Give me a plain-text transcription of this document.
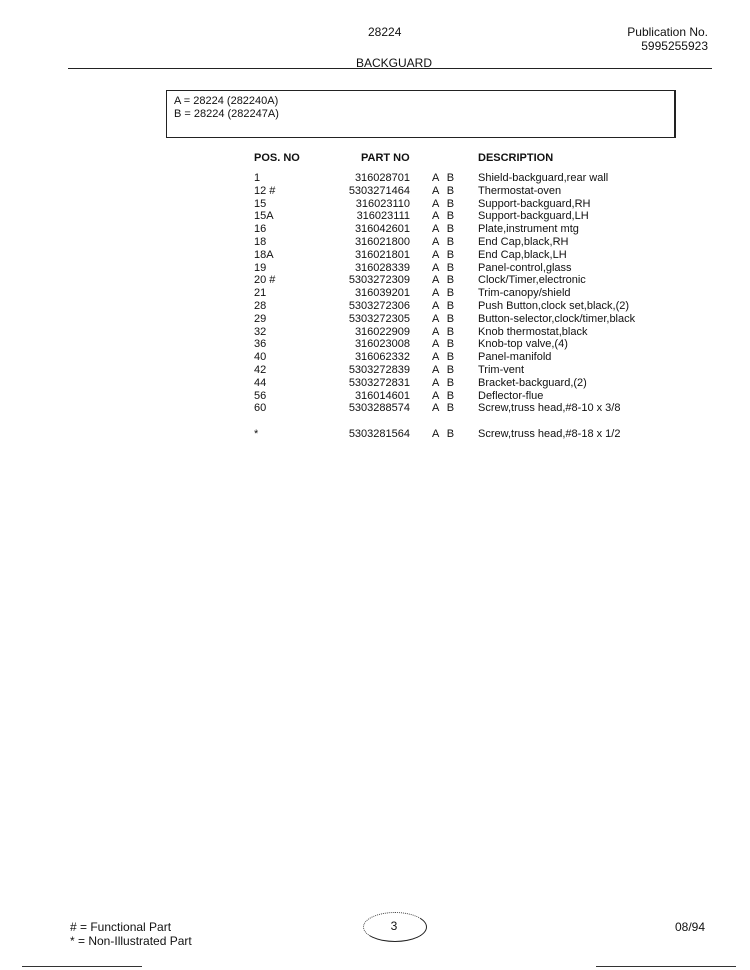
28224	Publication No.
5995255923
BACKGUARD
A = 28224 (282240A)
B = 28224 (282247A)
POS. NO	PART NO	DESCRIPTION
1	316028701 A B Shield-backguard,rear wall
12 #	5303271464 A B Thermostat-oven
15	316023110 A B Support-backguard,RH
15A	316023111 A B Support-backguard,LH
16	316042601 A B Plate,instrument mtg
18	316021800 A B End Cap,black,RH
18A	316021801 A B End Cap,black,LH
19	316028339 A B Panel-control,glass
20 #	5303272309 A B Clock/Timer,electronic
21	316039201 A B Trim-canopy/shield
28	5303272306 A B Push Button,clock set,black,(2)
29	5303272305 A B Button-selector,clock/timer,black
32	316022909 A B Knob thermostat,black
36	316023008 A B Knob-top valve,(4)
40	316062332 A B Panel-manifold
42	5303272839 A B Trim-vent
44	5303272831 A B Bracket-backguard,(2)
56	316014601 A B Deflector-flue
60	5303288574 A B Screw,truss head,#8-10 x 3/8
*	5303281564 A B Screw,truss head,#8-18 x 1/2
# = Functional Part
* = Non-Illustrated Part
3	08/94
